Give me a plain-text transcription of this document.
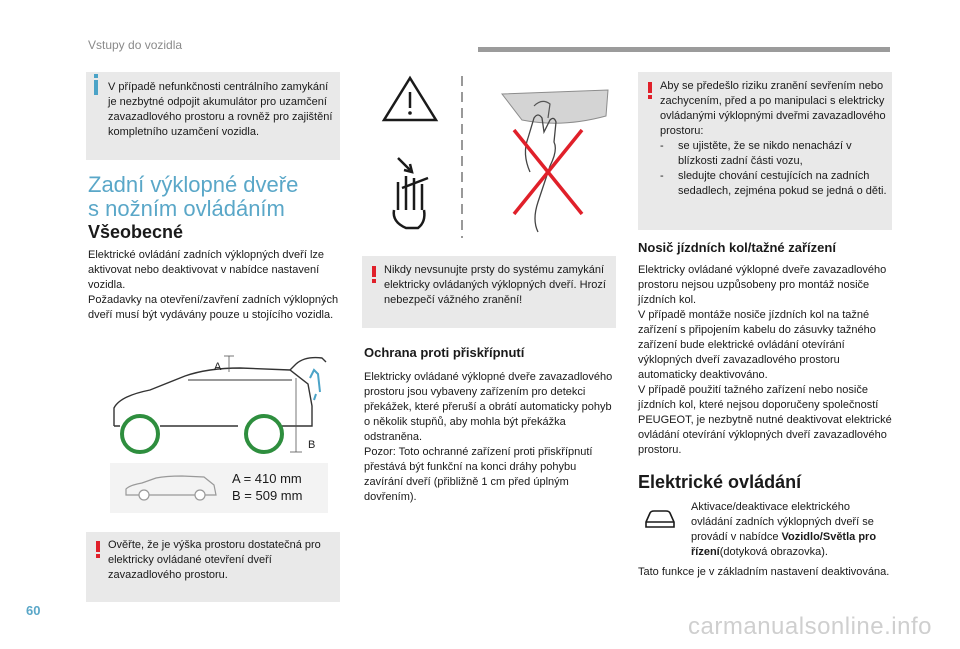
Vstupy do vozidla
V případě nefunkčnosti centrálního zamykání je nezbytné odpojit akumulátor pro uzamčení zavazadlového prostoru a rovněž pro zajištění kompletního uzamčení vozidla.
Zadní výklopné dveře
s nožním ovládáním
Všeobecné
Elektrické ovládání zadních výklopných dveří lze aktivovat nebo deaktivovat v nabídce nastavení vozidla.
Požadavky na otevření/zavření zadních výklopných dveří musí být vydávány pouze u stojícího vozidla.
A
B
A = 410 mm
B = 509 mm
Ověřte, že je výška prostoru dostatečná pro elektricky ovládané otevření dveří zavazadlového prostoru.
Nikdy nevsunujte prsty do systému zamykání elektricky ovládaných výklopných dveří. Hrozí nebezpečí vážného zranění!
Ochrana proti přiskřípnutí
Elektricky ovládané výklopné dveře zavazadlového prostoru jsou vybaveny zařízením pro detekci překážek, které přeruší a obrátí automaticky pohyb o několik stupňů, aby mohla být překážka odstraněna.
Pozor: Toto ochranné zařízení proti přiskřípnutí přestává být funkční na konci dráhy pohybu zavírání dveří (přibližně 1 cm před úplným dovřením).
Aby se předešlo riziku zranění sevřením nebo zachycením, před a po manipulaci s elektricky ovládanými výklopnými dveřmi zavazadlového prostoru:
- se ujistěte, že se nikdo nenachází v blízkosti zadní části vozu,
- sledujte chování cestujících na zadních sedadlech, zejména pokud se jedná o děti.
Nosič jízdních kol/tažné zařízení
Elektricky ovládané výklopné dveře zavazadlového prostoru nejsou uzpůsobeny pro montáž nosiče jízdních kol.
V případě montáže nosiče jízdních kol na tažné zařízení s připojením kabelu do zásuvky tažného zařízení bude elektrické ovládání otevírání výklopných dveří zavazadlového prostoru automaticky deaktivováno.
V případě použití tažného zařízení nebo nosiče jízdních kol, které nejsou doporučeny společností PEUGEOT, je nezbytně nutné deaktivovat elektrické ovládání otevírání výklopných dveří zavazadlového prostoru.
Elektrické ovládání
Aktivace/deaktivace elektrického ovládání zadních výklopných dveří se provádí v nabídce Vozidlo/Světla pro řízení(dotyková obrazovka).
Tato funkce je v základním nastavení deaktivována.
60
carmanualsonline.info
